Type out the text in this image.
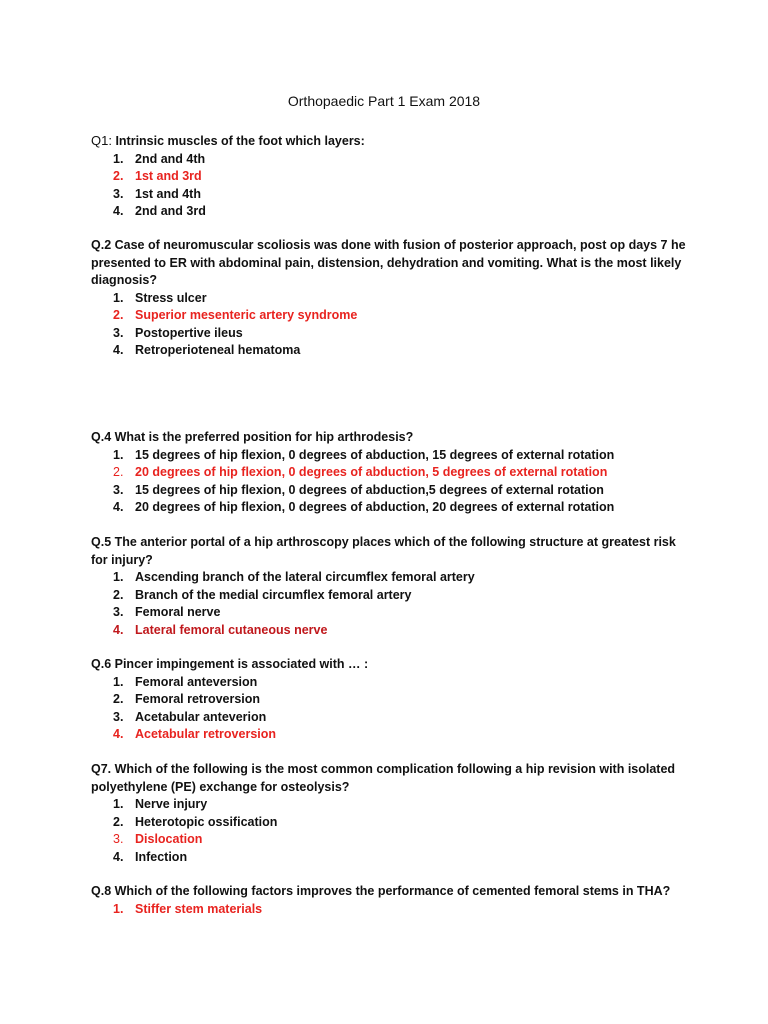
Orthopaedic Part 1 Exam 2018

Q1: Intrinsic muscles of the foot which layers:

1. 2nd and 4th
2. 1st and 3rd
3. 1st and 4th
4. 2nd and 3rd

Q.2 Case of neuromuscular scoliosis was done with fusion of posterior approach, post op days 7 he presented to ER with abdominal pain, distension, dehydration and vomiting. What is the most likely diagnosis?

1. Stress ulcer
2. Superior mesenteric artery syndrome
3. Postopertive ileus
4. Retroperioteneal hematoma

Q.4 What is the preferred position for hip arthrodesis?

1. 15 degrees of hip flexion, 0 degrees of abduction, 15 degrees of external rotation
2. 20 degrees of hip flexion, 0 degrees of abduction, 5 degrees of external rotation
3. 15 degrees of hip flexion, 0 degrees of abduction,5 degrees of external rotation
4. 20 degrees of hip flexion, 0 degrees of abduction, 20 degrees of external rotation

Q.5 The anterior portal of a hip arthroscopy places which of the following structure at greatest risk for injury?

1. Ascending branch of the lateral circumflex femoral artery
2. Branch of the medial circumflex femoral artery
3. Femoral nerve
4. Lateral femoral cutaneous nerve

Q.6 Pincer impingement is associated with … :

1. Femoral anteversion
2. Femoral retroversion
3. Acetabular anteverion
4. Acetabular retroversion

Q7. Which of the following is the most common complication following a hip revision with isolated polyethylene (PE) exchange for osteolysis?

1. Nerve injury
2. Heterotopic ossification
3. Dislocation
4. Infection

Q.8 Which of the following factors improves the performance of cemented femoral stems in THA?

1. Stiffer stem materials
